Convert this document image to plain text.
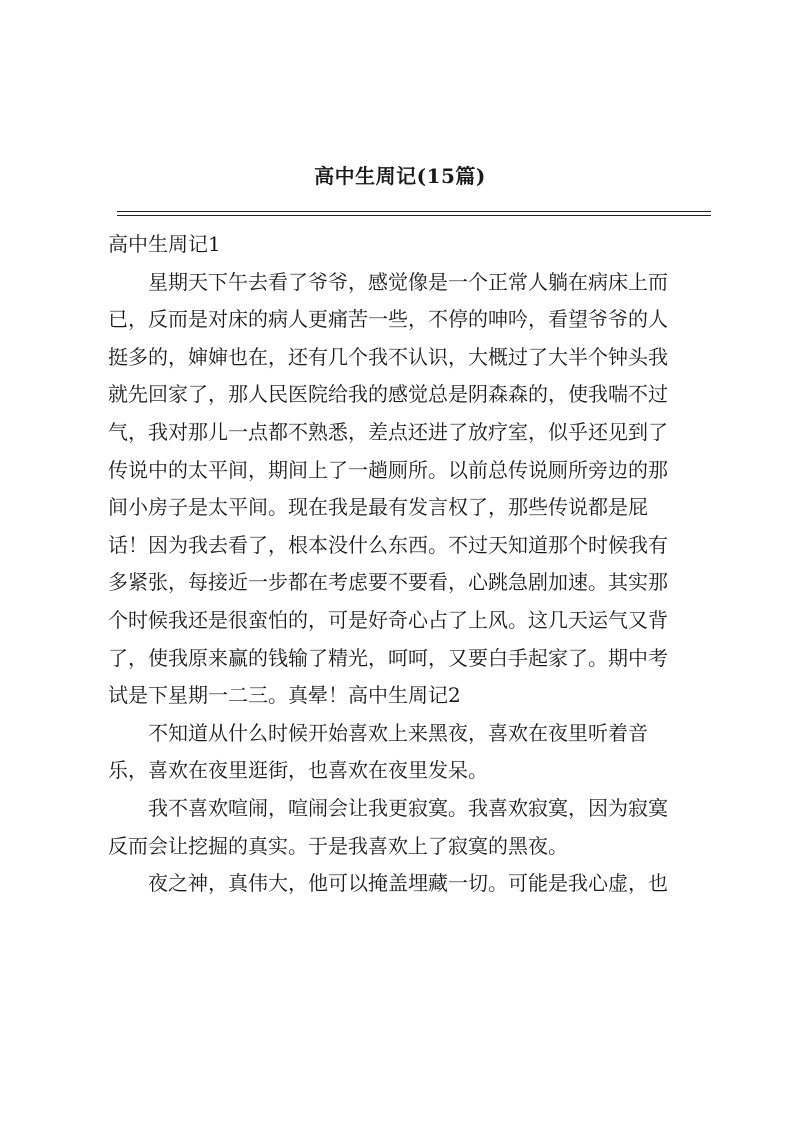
高中生周记(15篇)
高中生周记1
星期天下午去看了爷爷，感觉像是一个正常人躺在病床上而
已，反而是对床的病人更痛苦一些，不停的呻吟，看望爷爷的人
挺多的，婶婶也在，还有几个我不认识，大概过了大半个钟头我
就先回家了，那人民医院给我的感觉总是阴森森的，使我喘不过
气，我对那儿一点都不熟悉，差点还进了放疗室，似乎还见到了
传说中的太平间，期间上了一趟厕所。以前总传说厕所旁边的那
间小房子是太平间。现在我是最有发言权了，那些传说都是屁
话！因为我去看了，根本没什么东西。不过天知道那个时候我有
多紧张，每接近一步都在考虑要不要看，心跳急剧加速。其实那
个时候我还是很蛮怕的，可是好奇心占了上风。这几天运气又背
了，使我原来赢的钱输了精光，呵呵，又要白手起家了。期中考
试是下星期一二三。真晕！高中生周记2
不知道从什么时候开始喜欢上来黑夜，喜欢在夜里听着音
乐，喜欢在夜里逛街，也喜欢在夜里发呆。
我不喜欢喧闹，喧闹会让我更寂寞。我喜欢寂寞，因为寂寞
反而会让挖掘的真实。于是我喜欢上了寂寞的黑夜。
夜之神，真伟大，他可以掩盖埋藏一切。可能是我心虚，也
